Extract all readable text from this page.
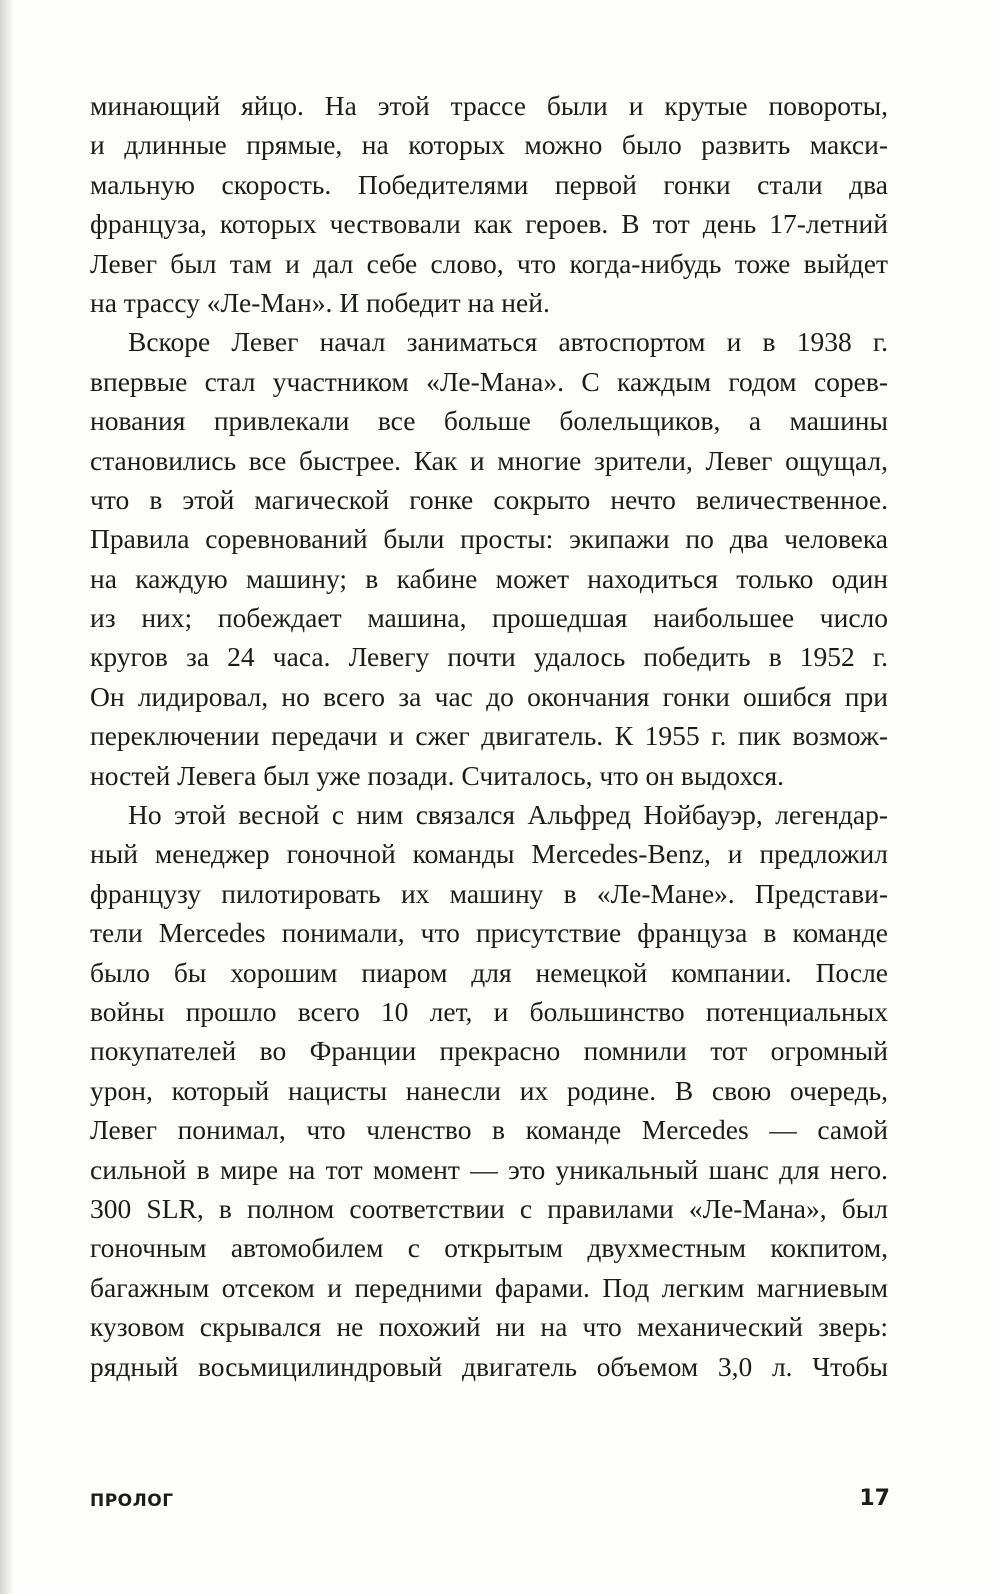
минающий яйцо. На этой трассе были и крутые повороты,
и длинные прямые, на которых можно было развить макси-
мальную скорость. Победителями первой гонки стали два
француза, которых чествовали как героев. В тот день 17-летний
Левег был там и дал себе слово, что когда-нибудь тоже выйдет
на трассу «Ле-Ман». И победит на ней.
Вскоре Левег начал заниматься автоспортом и в 1938 г.
впервые стал участником «Ле-Мана». С каждым годом сорев-
нования привлекали все больше болельщиков, а машины
становились все быстрее. Как и многие зрители, Левег ощущал,
что в этой магической гонке сокрыто нечто величественное.
Правила соревнований были просты: экипажи по два человека
на каждую машину; в кабине может находиться только один
из них; побеждает машина, прошедшая наибольшее число
кругов за 24 часа. Левегу почти удалось победить в 1952 г.
Он лидировал, но всего за час до окончания гонки ошибся при
переключении передачи и сжег двигатель. К 1955 г. пик возмож-
ностей Левега был уже позади. Считалось, что он выдохся.
Но этой весной с ним связался Альфред Нойбауэр, легендар-
ный менеджер гоночной команды Mercedes-Benz, и предложил
французу пилотировать их машину в «Ле-Мане». Представи-
тели Mercedes понимали, что присутствие француза в команде
было бы хорошим пиаром для немецкой компании. После
войны прошло всего 10 лет, и большинство потенциальных
покупателей во Франции прекрасно помнили тот огромный
урон, который нацисты нанесли их родине. В свою очередь,
Левег понимал, что членство в команде Mercedes — самой
сильной в мире на тот момент — это уникальный шанс для него.
300 SLR, в полном соответствии с правилами «Ле-Мана», был
гоночным автомобилем с открытым двухместным кокпитом,
багажным отсеком и передними фарами. Под легким магниевым
кузовом скрывался не похожий ни на что механический зверь:
рядный восьмицилиндровый двигатель объемом 3,0 л. Чтобы
ПРОЛОГ	17
